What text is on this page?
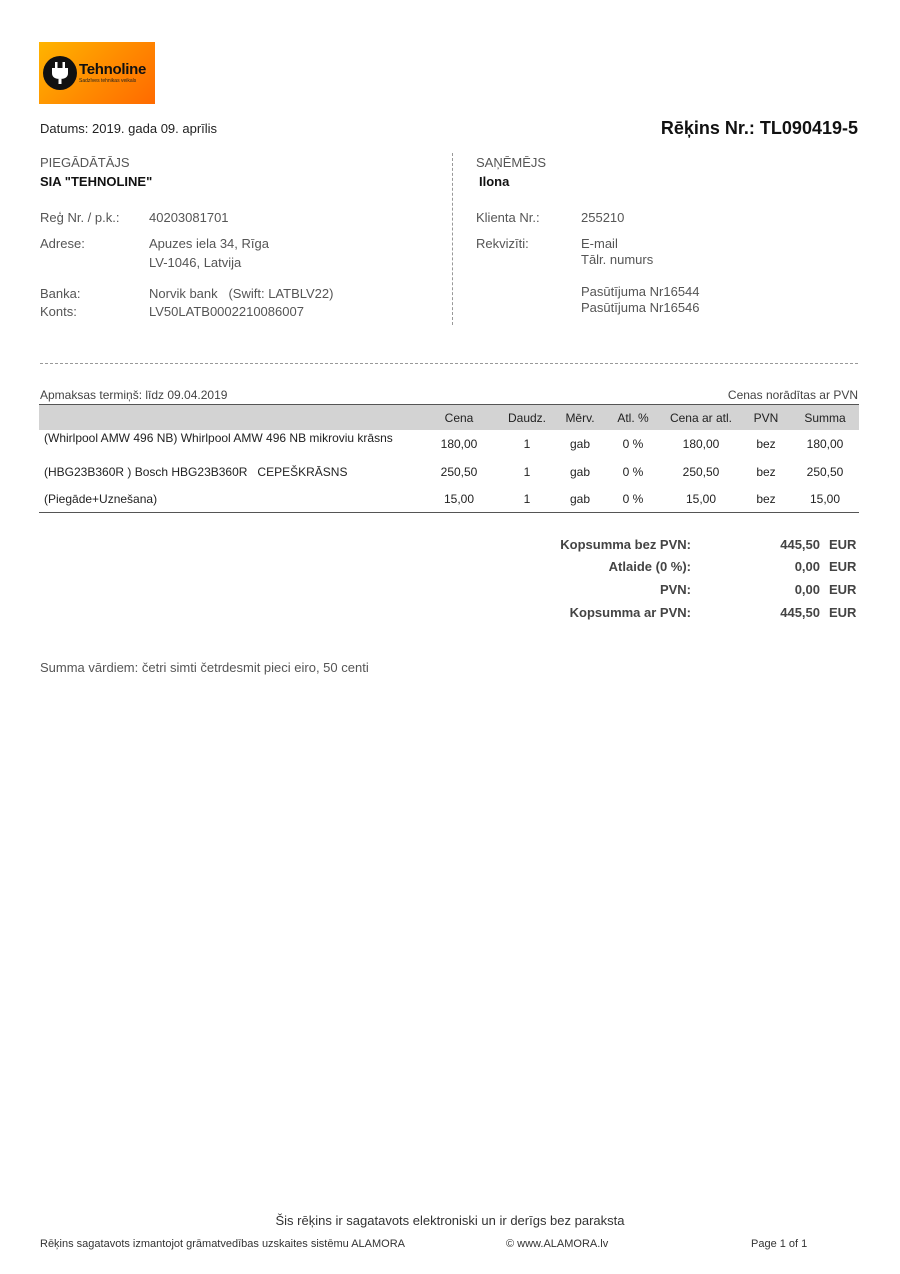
Tehnoline
Sadzīves tehnikas veikals
Datums: 2019. gada 09. aprīlis	Rēķins Nr.: TL090419-5
PIEGĀDĀTĀJS
SIA "TEHNOLINE"
Reģ Nr. / p.k.: 40203081701
Adrese:	Apuzes iela 34, Rīga
LV-1046, Latvija
Banka:	Norvik bank   (Swift: LATBLV22)
Konts:	LV50LATB0002210086007
SAŅĒMĒJS
Ilona
Klienta Nr.:	255210
Rekvizīti:	E-mail
Tālr. numurs
Pasūtījuma Nr16544
Pasūtījuma Nr16546
Apmaksas termiņš: līdz 09.04.2019	Cenas norādītas ar PVN
	Cena	Daudz.	Mērv.	Atl. %	Cena ar atl.	PVN	Summa
(Whirlpool AMW 496 NB) Whirlpool AMW 496 NB mikroviu krāsns	180,00	1	gab	0 %	180,00	bez	180,00
(HBG23B360R ) Bosch HBG23B360R   CEPEŠKRĀSNS	250,50	1	gab	0 %	250,50	bez	250,50
(Piegāde+Uznešana)	15,00	1	gab	0 %	15,00	bez	15,00
Kopsumma bez PVN:	445,50 EUR
Atlaide (0 %):	0,00 EUR
PVN:	0,00 EUR
Kopsumma ar PVN:	445,50 EUR
Summa vārdiem: četri simti četrdesmit pieci eiro, 50 centi
Šis rēķins ir sagatavots elektroniski un ir derīgs bez paraksta
Rēķins sagatavots izmantojot grāmatvedības uzskaites sistēmu ALAMORA	© www.ALAMORA.lv	Page 1 of 1
